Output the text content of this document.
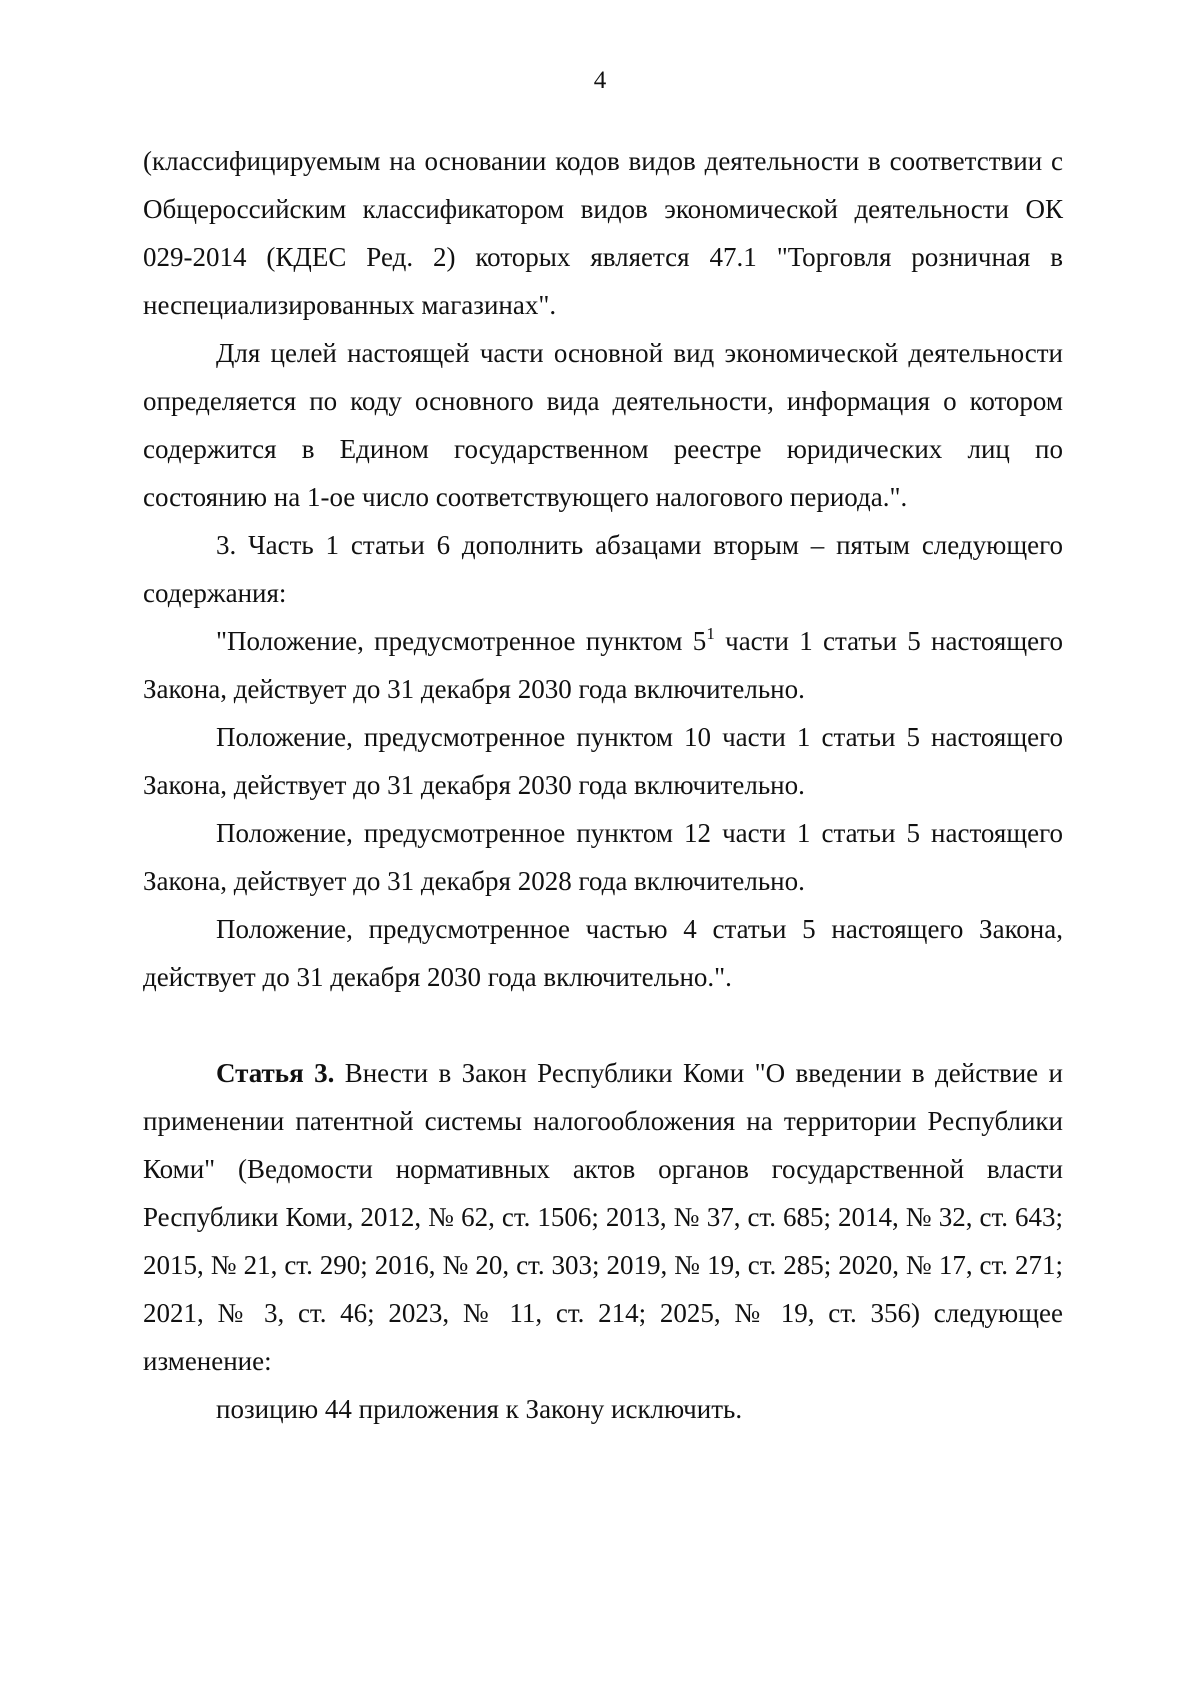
4

(классифицируемым на основании кодов видов деятельности в соответствии с Общероссийским классификатором видов экономической деятельности ОК 029-2014 (КДЕС Ред. 2) которых является 47.1 "Торговля розничная в неспециализированных магазинах".

Для целей настоящей части основной вид экономической деятельности определяется по коду основного вида деятельности, информация о котором содержится в Едином государственном реестре юридических лиц по состоянию на 1-ое число соответствующего налогового периода.".

3. Часть 1 статьи 6 дополнить абзацами вторым – пятым следующего содержания:

"Положение, предусмотренное пунктом $5^1$ части 1 статьи 5 настоящего Закона, действует до 31 декабря 2030 года включительно.

Положение, предусмотренное пунктом 10 части 1 статьи 5 настоящего Закона, действует до 31 декабря 2030 года включительно.

Положение, предусмотренное пунктом 12 части 1 статьи 5 настоящего Закона, действует до 31 декабря 2028 года включительно.

Положение, предусмотренное частью 4 статьи 5 настоящего Закона, действует до 31 декабря 2030 года включительно.".

Статья 3. Внести в Закон Республики Коми "О введении в действие и применении патентной системы налогообложения на территории Республики Коми" (Ведомости нормативных актов органов государственной власти Республики Коми, 2012, № 62, ст. 1506; 2013, № 37, ст. 685; 2014, № 32, ст. 643; 2015, № 21, ст. 290; 2016, № 20, ст. 303; 2019, № 19, ст. 285; 2020, № 17, ст. 271; 2021, № 3, ст. 46; 2023, № 11, ст. 214; 2025, № 19, ст. 356) следующее изменение:

позицию 44 приложения к Закону исключить.
